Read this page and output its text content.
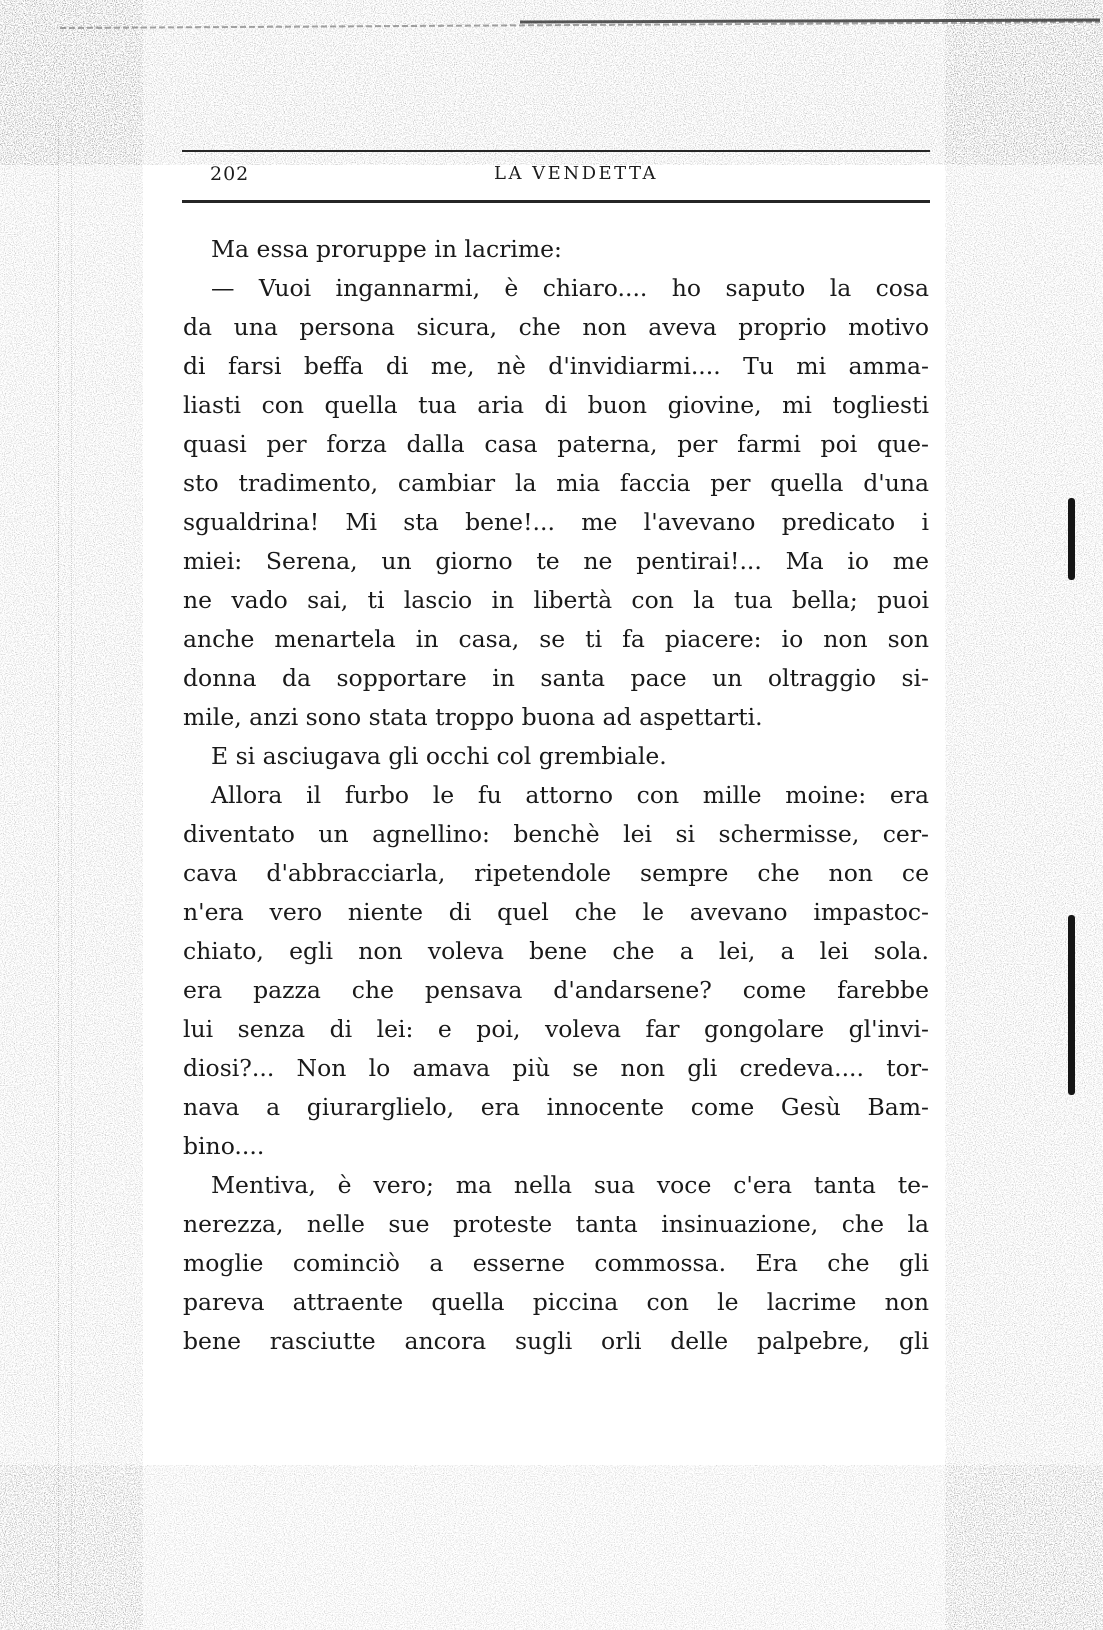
202	LA VENDETTA
Ma essa proruppe in lacrime:
— Vuoi ingannarmi, è chiaro.... ho saputo la cosa
da una persona sicura, che non aveva proprio motivo
di farsi beffa di me, nè d'invidiarmi.... Tu mi amma-
liasti con quella tua aria di buon giovine, mi togliesti
quasi per forza dalla casa paterna, per farmi poi que-
sto tradimento, cambiar la mia faccia per quella d'una
sgualdrina! Mi sta bene!... me l'avevano predicato i
miei: Serena, un giorno te ne pentirai!... Ma io me
ne vado sai, ti lascio in libertà con la tua bella; puoi
anche menartela in casa, se ti fa piacere: io non son
donna da sopportare in santa pace un oltraggio si-
mile, anzi sono stata troppo buona ad aspettarti.
E si asciugava gli occhi col grembiale.
Allora il furbo le fu attorno con mille moine: era
diventato un agnellino: benchè lei si schermisse, cer-
cava d'abbracciarla, ripetendole sempre che non ce
n'era vero niente di quel che le avevano impastoc-
chiato, egli non voleva bene che a lei, a lei sola.
era pazza che pensava d'andarsene? come farebbe
lui senza di lei: e poi, voleva far gongolare gl'invi-
diosi?... Non lo amava più se non gli credeva.... tor-
nava a giurarglielo, era innocente come Gesù Bam-
bino....
Mentiva, è vero; ma nella sua voce c'era tanta te-
nerezza, nelle sue proteste tanta insinuazione, che la
moglie cominciò a esserne commossa. Era che gli
pareva attraente quella piccina con le lacrime non
bene rasciutte ancora sugli orli delle palpebre, gli
